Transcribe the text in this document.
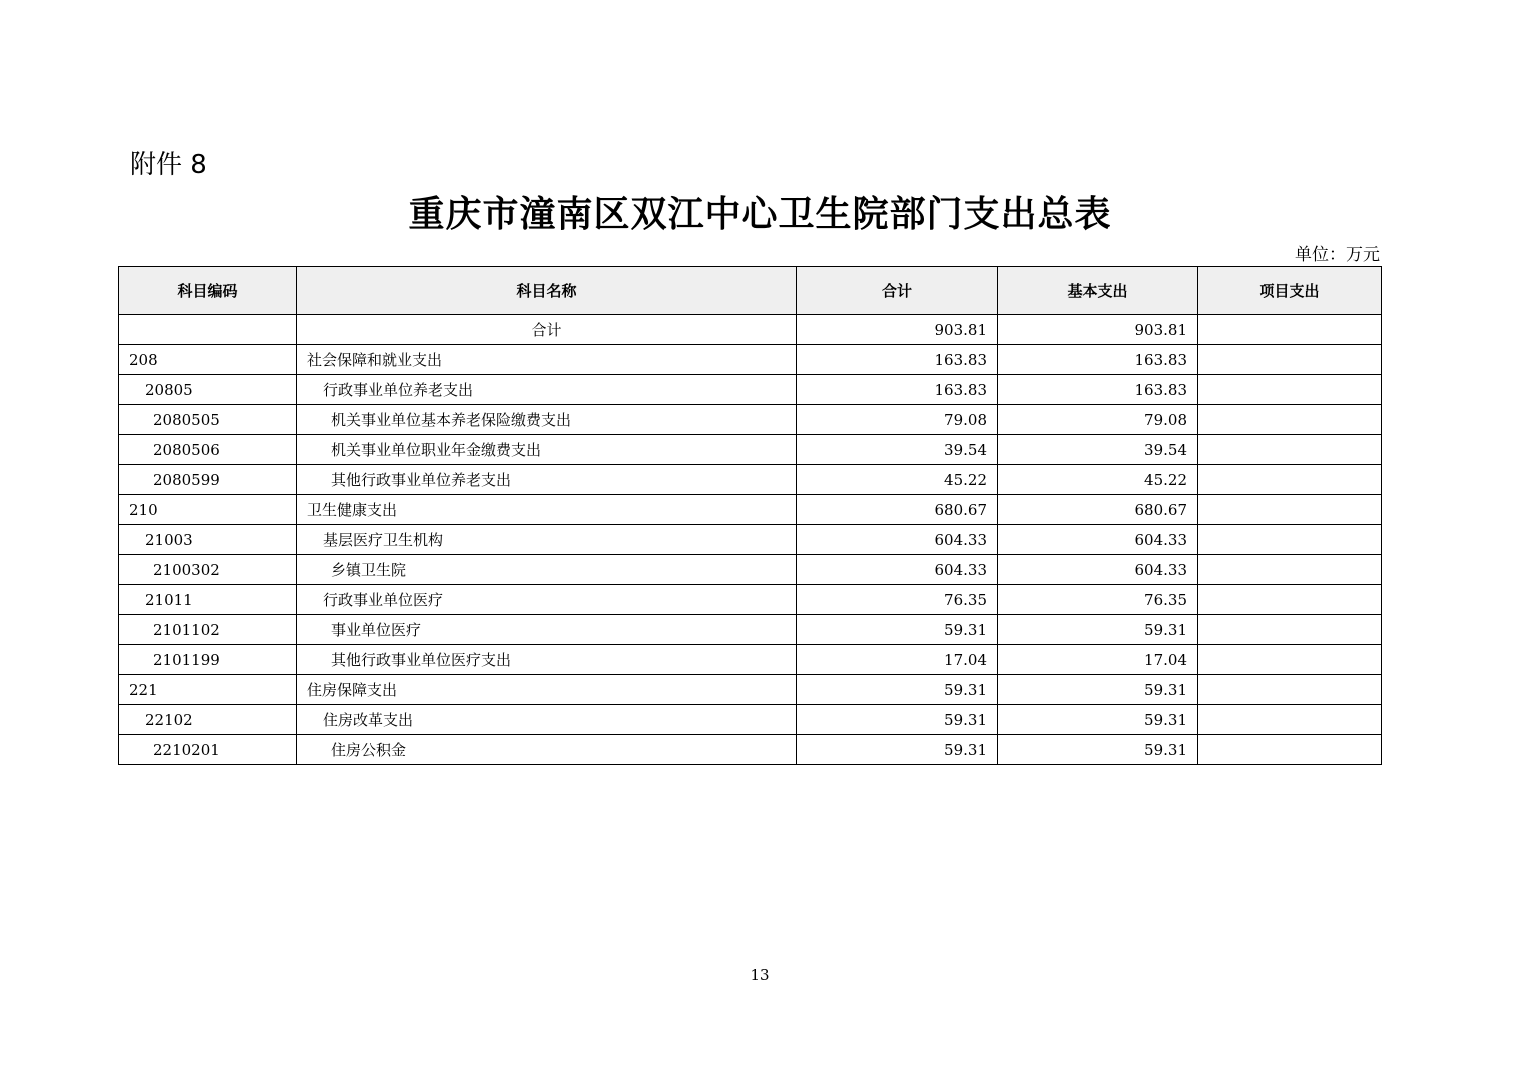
附件 8
重庆市潼南区双江中心卫生院部门支出总表
单位：万元
科目编码	科目名称	合计	基本支出	项目支出
	合计	903.81	903.81	
208	社会保障和就业支出	163.83	163.83	
20805	行政事业单位养老支出	163.83	163.83	
2080505	机关事业单位基本养老保险缴费支出	79.08	79.08	
2080506	机关事业单位职业年金缴费支出	39.54	39.54	
2080599	其他行政事业单位养老支出	45.22	45.22	
210	卫生健康支出	680.67	680.67	
21003	基层医疗卫生机构	604.33	604.33	
2100302	乡镇卫生院	604.33	604.33	
21011	行政事业单位医疗	76.35	76.35	
2101102	事业单位医疗	59.31	59.31	
2101199	其他行政事业单位医疗支出	17.04	17.04	
221	住房保障支出	59.31	59.31	
22102	住房改革支出	59.31	59.31	
2210201	住房公积金	59.31	59.31	
13
